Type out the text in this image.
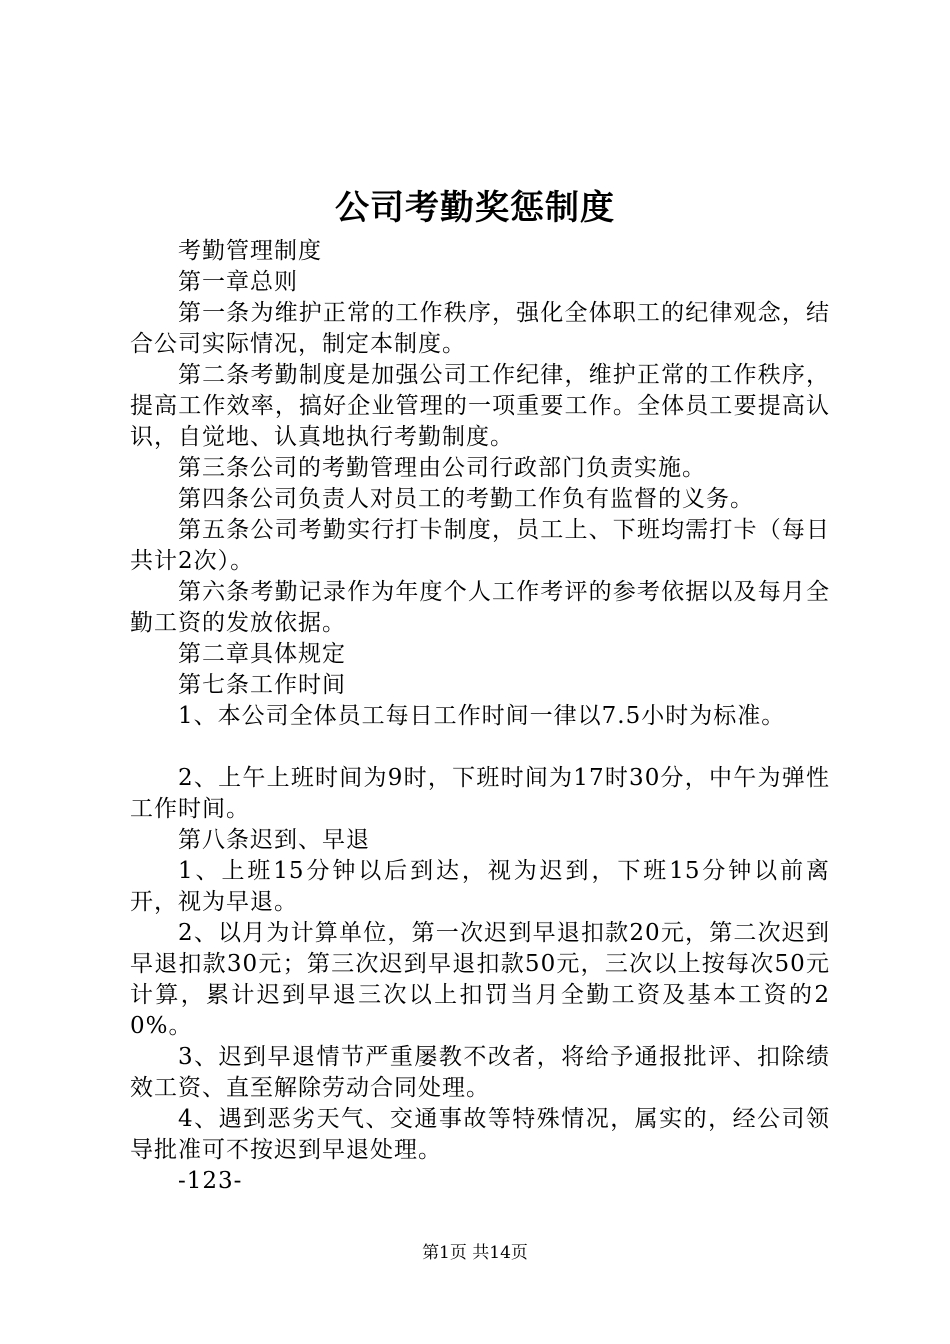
公司考勤奖惩制度

考勤管理制度

第一章总则

第一条为维护正常的工作秩序，强化全体职工的纪律观念，结合公司实际情况，制定本制度。

第二条考勤制度是加强公司工作纪律，维护正常的工作秩序，提高工作效率，搞好企业管理的一项重要工作。全体员工要提高认识，自觉地、认真地执行考勤制度。

第三条公司的考勤管理由公司行政部门负责实施。

第四条公司负责人对员工的考勤工作负有监督的义务。

第五条公司考勤实行打卡制度，员工上、下班均需打卡（每日共计2次）。

第六条考勤记录作为年度个人工作考评的参考依据以及每月全勤工资的发放依据。

第二章具体规定

第七条工作时间

1、本公司全体员工每日工作时间一律以7.5小时为标准。

2、上午上班时间为9时，下班时间为17时30分，中午为弹性工作时间。

第八条迟到、早退

1、上班15分钟以后到达，视为迟到，下班15分钟以前离开，视为早退。

2、以月为计算单位，第一次迟到早退扣款20元，第二次迟到早退扣款30元；第三次迟到早退扣款50元，三次以上按每次50元计算，累计迟到早退三次以上扣罚当月全勤工资及基本工资的20%。

3、迟到早退情节严重屡教不改者，将给予通报批评、扣除绩效工资、直至解除劳动合同处理。

4、遇到恶劣天气、交通事故等特殊情况，属实的，经公司领导批准可不按迟到早退处理。

-123-

第1页 共14页
